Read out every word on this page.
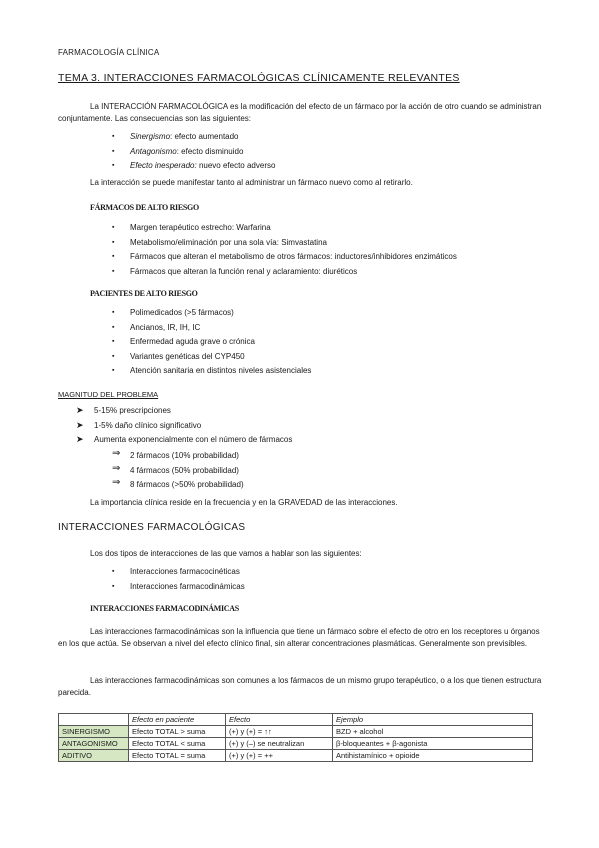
FARMACOLOGÍA CLÍNICA
TEMA 3. INTERACCIONES FARMACOLÓGICAS CLÍNICAMENTE RELEVANTES
La INTERACCIÓN FARMACOLÓGICA es la modificación del efecto de un fármaco por la acción de otro cuando se administran conjuntamente. Las consecuencias son las siguientes:
▪ Sinergismo: efecto aumentado
▪ Antagonismo: efecto disminuido
▪ Efecto inesperado: nuevo efecto adverso
La interacción se puede manifestar tanto al administrar un fármaco nuevo como al retirarlo.
FÁRMACOS DE ALTO RIESGO
▪ Margen terapéutico estrecho: Warfarina
▪ Metabolismo/eliminación por una sola vía: Simvastatina
▪ Fármacos que alteran el metabolismo de otros fármacos: inductores/inhibidores enzimáticos
▪ Fármacos que alteran la función renal y aclaramiento: diuréticos
PACIENTES DE ALTO RIESGO
▪ Polimedicados (>5 fármacos)
▪ Ancianos, IR, IH, IC
▪ Enfermedad aguda grave o crónica
▪ Variantes genéticas del CYP450
▪ Atención sanitaria en distintos niveles asistenciales
MAGNITUD DEL PROBLEMA
➤ 5-15% prescripciones
➤ 1-5% daño clínico significativo
➤ Aumenta exponencialmente con el número de fármacos
⇒ 2 fármacos (10% probabilidad)
⇒ 4 fármacos (50% probabilidad)
⇒ 8 fármacos (>50% probabilidad)
La importancia clínica reside en la frecuencia y en la GRAVEDAD de las interacciones.
INTERACCIONES FARMACOLÓGICAS
Los dos tipos de interacciones de las que vamos a hablar son las siguientes:
▪ Interacciones farmacocinéticas
▪ Interacciones farmacodinámicas
INTERACCIONES FARMACODINÁMICAS
Las interacciones farmacodinámicas son la influencia que tiene un fármaco sobre el efecto de otro en los receptores u órganos en los que actúa. Se observan a nivel del efecto clínico final, sin alterar concentraciones plasmáticas. Generalmente son previsibles.
Las interacciones farmacodinámicas son comunes a los fármacos de un mismo grupo terapéutico, o a los que tienen estructura parecida.
	Efecto en paciente	Efecto	Ejemplo
SINERGISMO	Efecto TOTAL > suma	(+) y (+) = ↑↑	BZD + alcohol
ANTAGONISMO	Efecto TOTAL < suma	(+) y (–) se neutralizan	β-bloqueantes + β-agonista
ADITIVO	Efecto TOTAL = suma	(+) y (+) = ++	Antihistamínico + opioide
